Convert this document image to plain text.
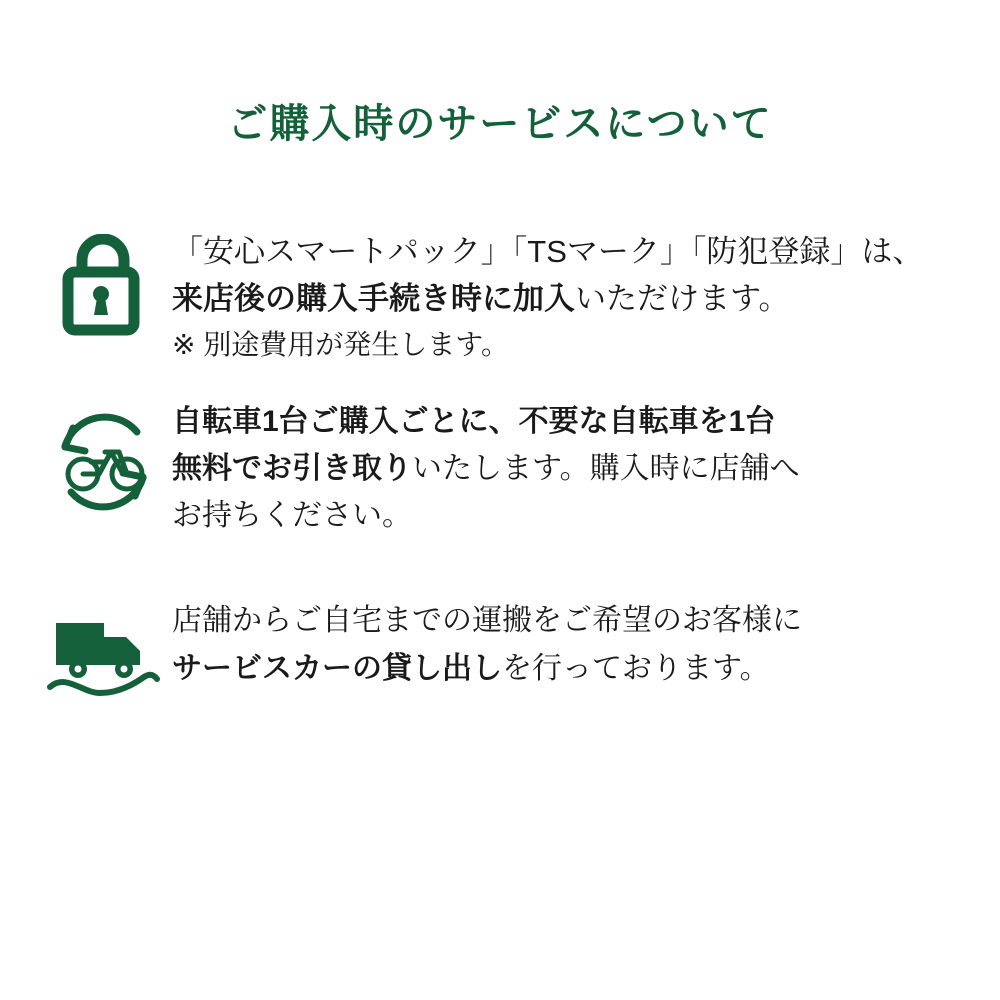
ご購入時のサービスについて
「安心スマートパック」「TSマーク」「防犯登録」は、
来店後の購入手続き時に加入いただけます。
※ 別途費用が発生します。
自転車1台ご購入ごとに、不要な自転車を1台
無料でお引き取りいたします。購入時に店舗へ
お持ちください。
店舗からご自宅までの運搬をご希望のお客様に
サービスカーの貸し出しを行っております。
